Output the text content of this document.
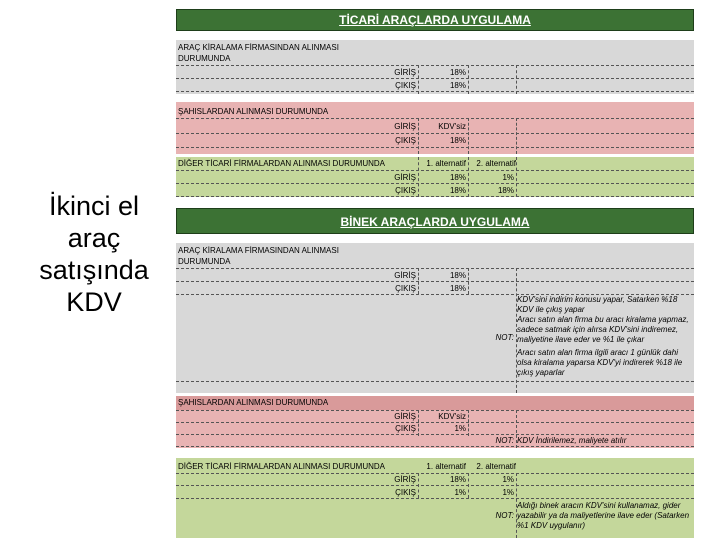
İkinci el
araç
satışında
KDV
TİCARİ ARAÇLARDA UYGULAMA
ARAÇ KİRALAMA FİRMASINDAN ALINMASI
DURUMUNDA
GİRİŞ	18%
ÇIKIŞ	18%
ŞAHISLARDAN ALINMASI DURUMUNDA
GİRİŞ	KDV'siz
ÇIKIŞ	18%
DİĞER TİCARİ FİRMALARDAN ALINMASI DURUMUNDA	1. alternatif	2. alternatif
GİRİŞ	18%	1%
ÇIKIŞ	18%	18%
BİNEK ARAÇLARDA UYGULAMA
ARAÇ KİRALAMA FİRMASINDAN ALINMASI
DURUMUNDA
GİRİŞ	18%
ÇIKIŞ	18%
NOT:
KDV'sini indirim konusu yapar, Satarken %18
KDV ile çıkış yapar
Aracı satın alan firma bu aracı kiralama yapmaz,
sadece satmak için alırsa KDV'sini indiremez,
maliyetine ilave eder ve %1 ile çıkar
Aracı satın alan firma ilgili aracı 1 günlük dahi
olsa kiralama yaparsa KDV'yi indirerek %18 ile
çıkış yaparlar
ŞAHISLARDAN ALINMASI DURUMUNDA
GİRİŞ	KDV'siz
ÇIKIŞ	1%
NOT: KDV İndirilemez, maliyete atılır
DİĞER TİCARİ FİRMALARDAN ALINMASI DURUMUNDA	1. alternatif	2. alternatif
GİRİŞ	18%	1%
ÇIKIŞ	1%	1%
NOT:
Aldığı binek aracın KDV'sini kullanamaz, gider
yazabilir ya da maliyetlerine ilave eder (Satarken
%1 KDV uygulanır)
